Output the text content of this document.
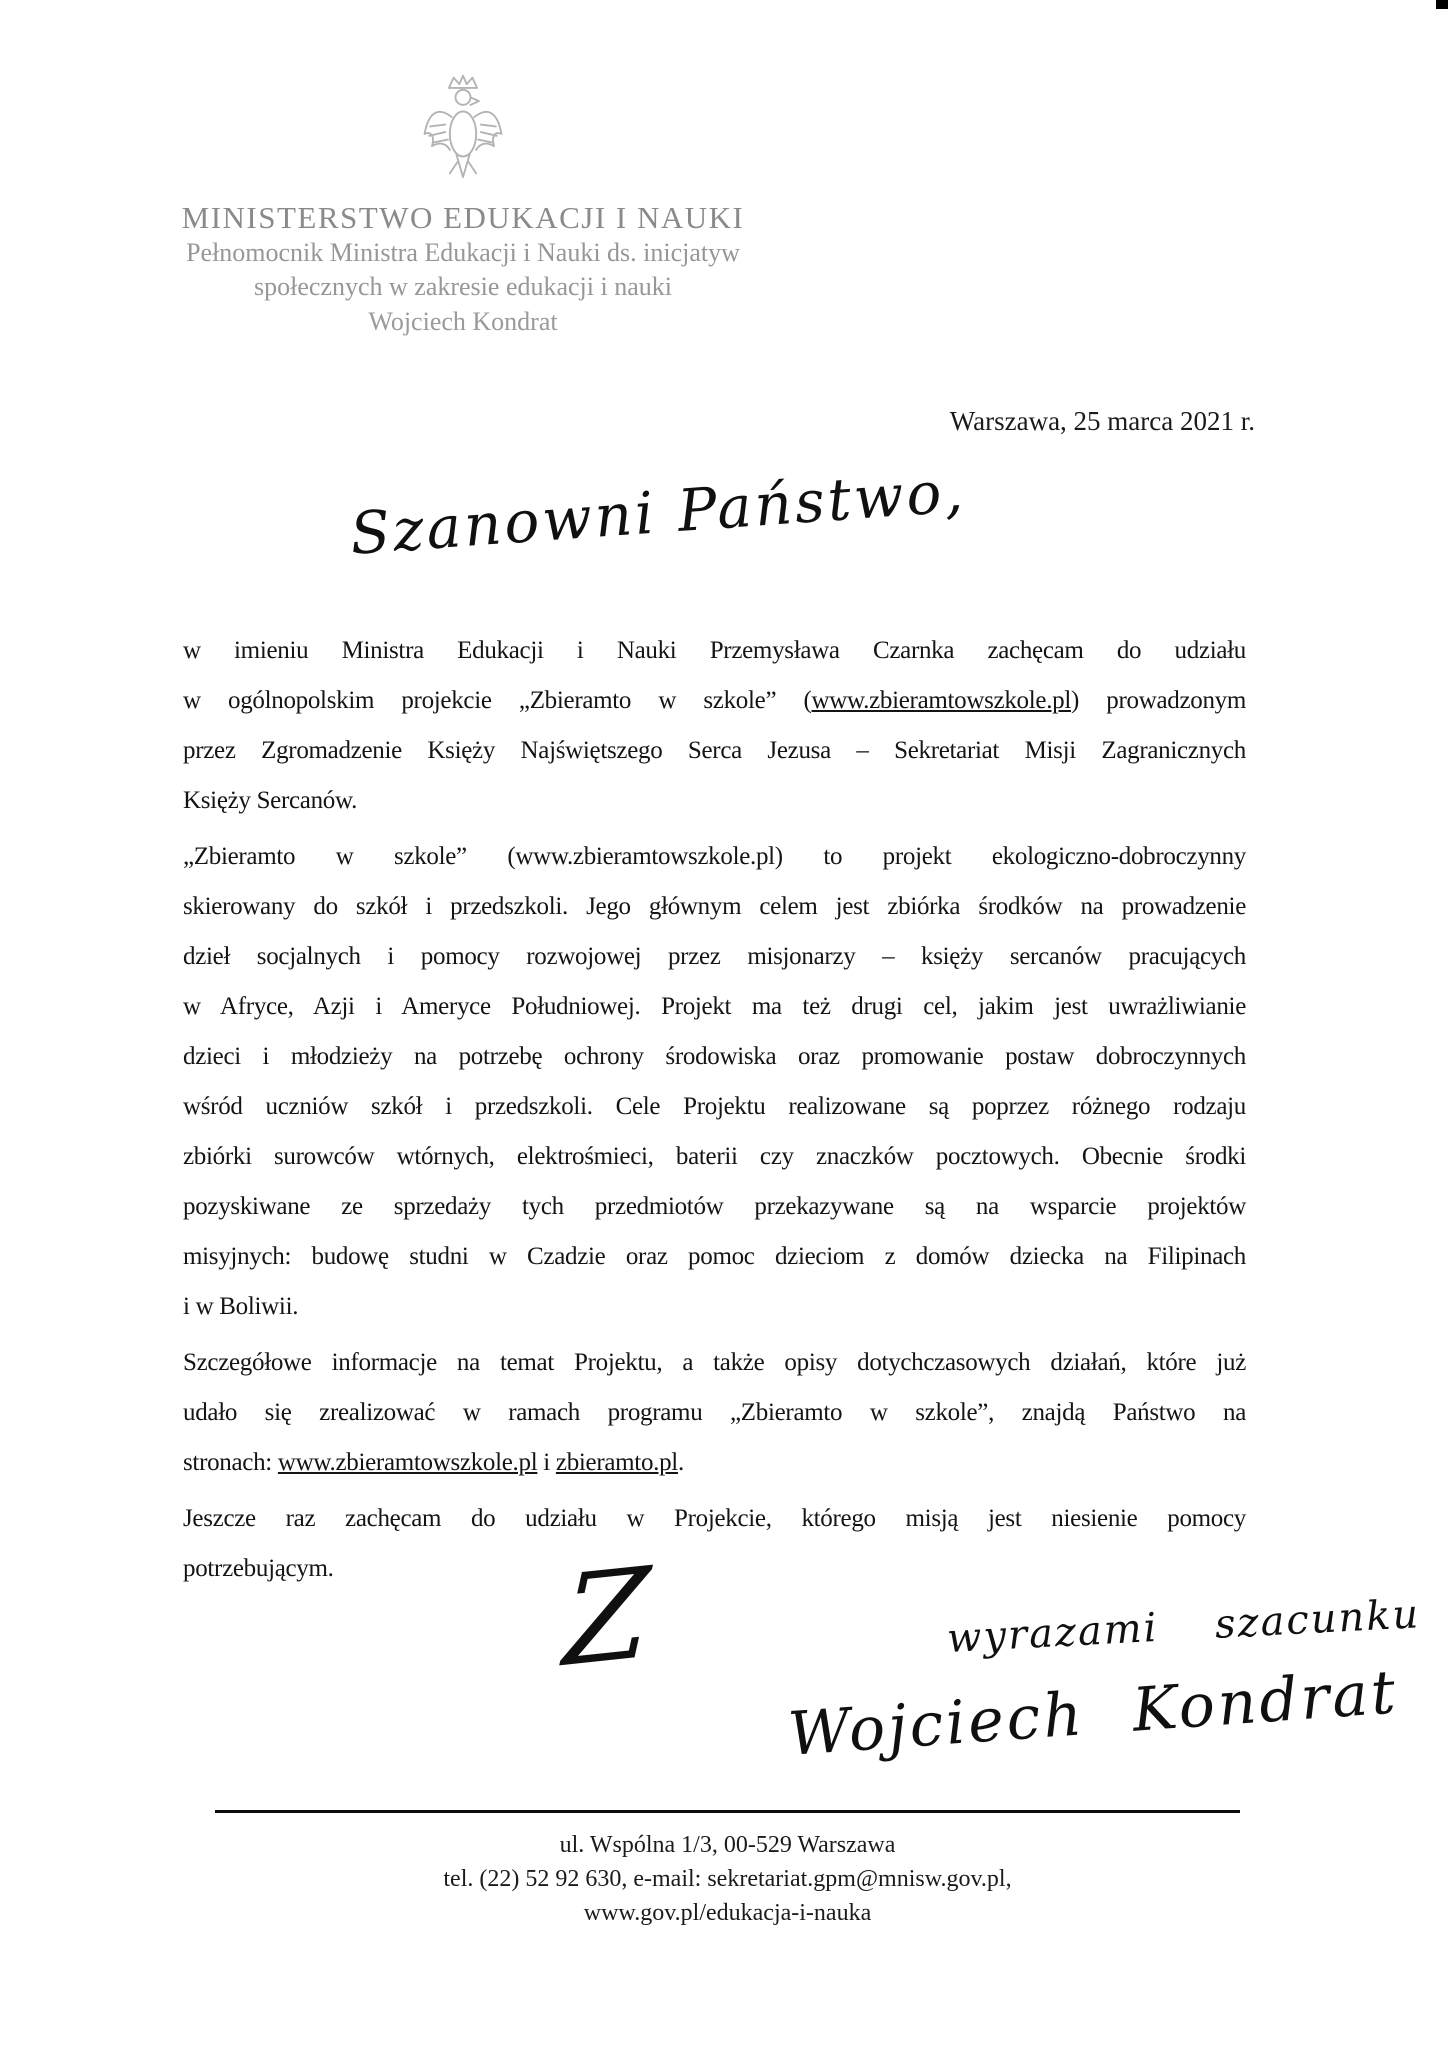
MINISTERSTWO EDUKACJI I NAUKI
Pełnomocnik Ministra Edukacji i Nauki ds. inicjatyw
społecznych w zakresie edukacji i nauki
Wojciech Kondrat
Warszawa, 25 marca 2021 r.
Szanowni Państwo,
w imieniu Ministra Edukacji i Nauki Przemysława Czarnka zachęcam do udziału
w ogólnopolskim projekcie „Zbieramto w szkole” (www.zbieramtowszkole.pl) prowadzonym
przez Zgromadzenie Księży Najświętszego Serca Jezusa – Sekretariat Misji Zagranicznych
Księży Sercanów.
„Zbieramto w szkole” (www.zbieramtowszkole.pl) to projekt ekologiczno-dobroczynny
skierowany do szkół i przedszkoli. Jego głównym celem jest zbiórka środków na prowadzenie
dzieł socjalnych i pomocy rozwojowej przez misjonarzy – księży sercanów pracujących
w Afryce, Azji i Ameryce Południowej. Projekt ma też drugi cel, jakim jest uwrażliwianie
dzieci i młodzieży na potrzebę ochrony środowiska oraz promowanie postaw dobroczynnych
wśród uczniów szkół i przedszkoli. Cele Projektu realizowane są poprzez różnego rodzaju
zbiórki surowców wtórnych, elektrośmieci, baterii czy znaczków pocztowych. Obecnie środki
pozyskiwane ze sprzedaży tych przedmiotów przekazywane są na wsparcie projektów
misyjnych: budowę studni w Czadzie oraz pomoc dzieciom z domów dziecka na Filipinach
i w Boliwii.
Szczegółowe informacje na temat Projektu, a także opisy dotychczasowych działań, które już
udało się zrealizować w ramach programu „Zbieramto w szkole”, znajdą Państwo na
stronach: www.zbieramtowszkole.pl i zbieramto.pl.
Jeszcze raz zachęcam do udziału w Projekcie, którego misją jest niesienie pomocy
potrzebującym.	Z	wyrazami szacunku
Wojciech Kondrat
ul. Wspólna 1/3, 00-529 Warszawa
tel. (22) 52 92 630, e-mail: sekretariat.gpm@mnisw.gov.pl,
www.gov.pl/edukacja-i-nauka
